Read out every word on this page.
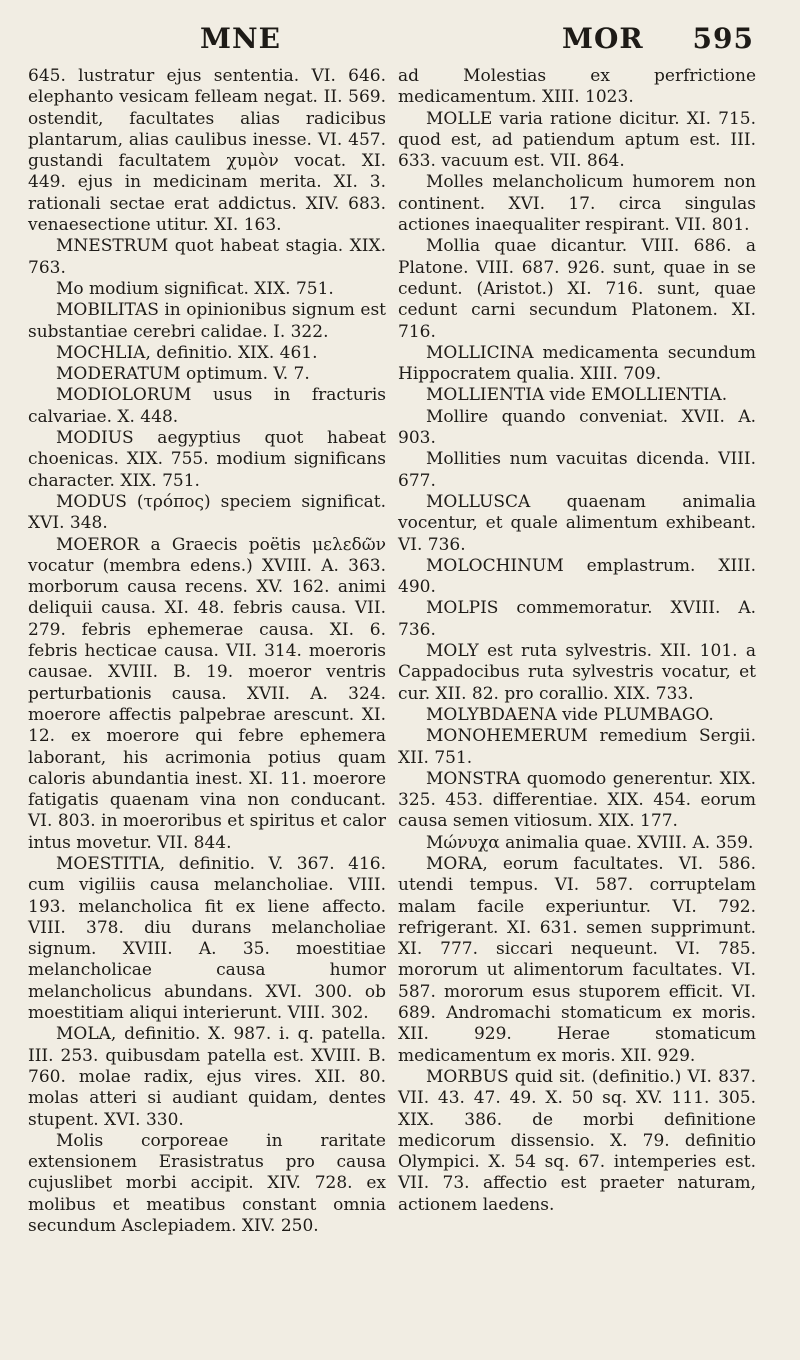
MNE	MOR 595

645. lustratur ejus sententia. VI. 646. elephanto vesicam felleam negat. II. 569. ostendit, facultates alias radicibus plantarum, alias caulibus inesse. VI. 457. gustandi facultatem χυμὸν vocat. XI. 449. ejus in medicinam merita. XI. 3. rationali sectae erat addictus. XIV. 683. venaesectione utitur. XI. 163.

MNESTRUM quot habeat stagia. XIX. 763.

Mo modium significat. XIX. 751.

MOBILITAS in opinionibus signum est substantiae cerebri calidae. I. 322.

MOCHLIA, definitio. XIX. 461.

MODERATUM optimum. V. 7.

MODIOLORUM usus in fracturis calvariae. X. 448.

MODIUS aegyptius quot habeat choenicas. XIX. 755. modium significans character. XIX. 751.

MODUS (τρόπος) speciem significat. XVI. 348.

MOEROR a Graecis poëtis μελεδῶν vocatur (membra edens.) XVIII. A. 363. morborum causa recens. XV. 162. animi deliquii causa. XI. 48. febris causa. VII. 279. febris ephemerae causa. XI. 6. febris hecticae causa. VII. 314. moeroris causae. XVIII. B. 19. moeror ventris perturbationis causa. XVII. A. 324. moerore affectis palpebrae arescunt. XI. 12. ex moerore qui febre ephemera laborant, his acrimonia potius quam caloris abundantia inest. XI. 11. moerore fatigatis quaenam vina non conducant. VI. 803. in moeroribus et spiritus et calor intus movetur. VII. 844.

MOESTITIA, definitio. V. 367. 416. cum vigiliis causa melancholiae. VIII. 193. melancholica fit ex liene affecto. VIII. 378. diu durans melancholiae signum. XVIII. A. 35. moestitiae melancholicae causa humor melancholicus abundans. XVI. 300. ob moestitiam aliqui interierunt. VIII. 302.

MOLA, definitio. X. 987. i. q. patella. III. 253. quibusdam patella est. XVIII. B. 760. molae radix, ejus vires. XII. 80. molas atteri si audiant quidam, dentes stupent. XVI. 330.

Molis corporeae in raritate extensionem Erasistratus pro causa cujuslibet morbi accipit. XIV. 728. ex molibus et meatibus constant omnia secundum Asclepiadem. XIV. 250.

ad Molestias ex perfrictione medicamentum. XIII. 1023.

MOLLE varia ratione dicitur. XI. 715. quod est, ad patiendum aptum est. III. 633. vacuum est. VII. 864.

Molles melancholicum humorem non continent. XVI. 17. circa singulas actiones inaequaliter respirant. VII. 801.

Mollia quae dicantur. VIII. 686. a Platone. VIII. 687. 926. sunt, quae in se cedunt. (Aristot.) XI. 716. sunt, quae cedunt carni secundum Platonem. XI. 716.

MOLLICINA medicamenta secundum Hippocratem qualia. XIII. 709.

MOLLIENTIA vide EMOLLIENTIA.

Mollire quando conveniat. XVII. A. 903.

Mollities num vacuitas dicenda. VIII. 677.

MOLLUSCA quaenam animalia vocentur, et quale alimentum exhibeant. VI. 736.

MOLOCHINUM emplastrum. XIII. 490.

MOLPIS commemoratur. XVIII. A. 736.

MOLY est ruta sylvestris. XII. 101. a Cappadocibus ruta sylvestris vocatur, et cur. XII. 82. pro corallio. XIX. 733.

MOLYBDAENA vide PLUMBAGO.

MONOHEMERUM remedium Sergii. XII. 751.

MONSTRA quomodo generentur. XIX. 325. 453. differentiae. XIX. 454. eorum causa semen vitiosum. XIX. 177.

Μώνυχα animalia quae. XVIII. A. 359.

MORA, eorum facultates. VI. 586. utendi tempus. VI. 587. corruptelam malam facile experiuntur. VI. 792. refrigerant. XI. 631. semen supprimunt. XI. 777. siccari nequeunt. VI. 785. mororum ut alimentorum facultates. VI. 587. mororum esus stuporem efficit. VI. 689. Andromachi stomaticum ex moris. XII. 929. Herae stomaticum medicamentum ex moris. XII. 929.

MORBUS quid sit. (definitio.) VI. 837. VII. 43. 47. 49. X. 50 sq. XV. 111. 305. XIX. 386. de morbi definitione medicorum dissensio. X. 79. definitio Olympici. X. 54 sq. 67. intemperies est. VII. 73. affectio est praeter naturam, actionem laedens.
